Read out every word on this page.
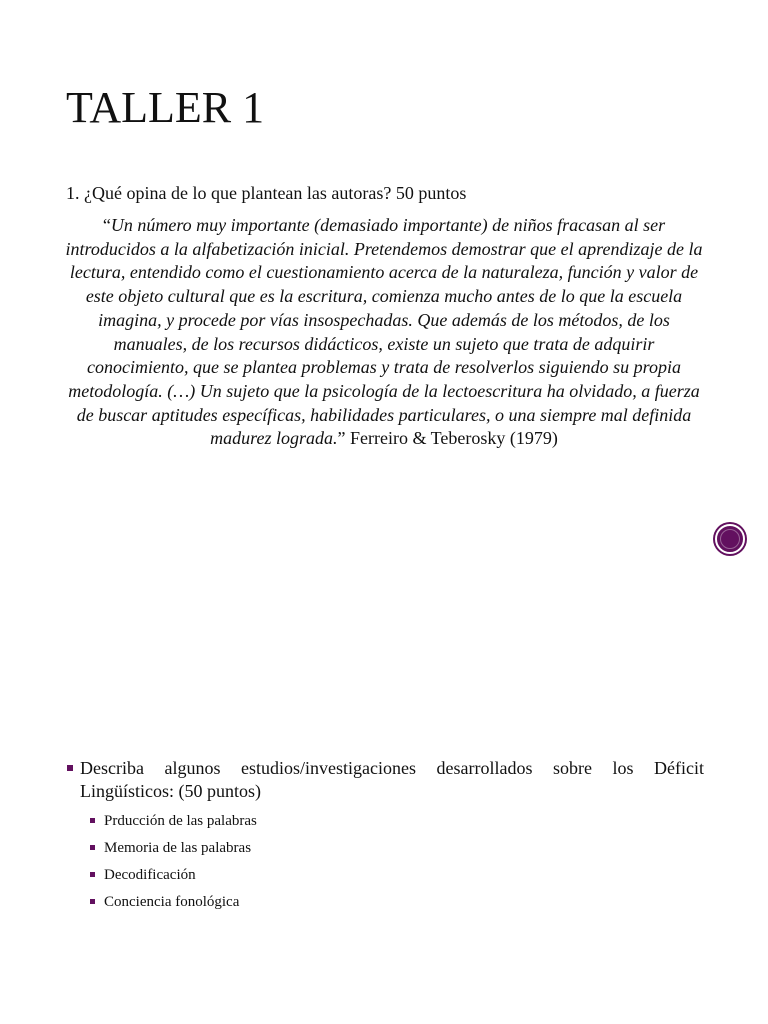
TALLER 1
1. ¿Qué opina de lo que plantean las autoras? 50 puntos
“Un número muy importante (demasiado importante) de niños fracasan al ser introducidos a la alfabetización inicial. Pretendemos demostrar que el aprendizaje de la lectura, entendido como el cuestionamiento acerca de la naturaleza, función y valor de este objeto cultural que es la escritura, comienza mucho antes de lo que la escuela imagina, y procede por vías insospechadas. Que además de los métodos, de los manuales, de los recursos didácticos, existe un sujeto que trata de adquirir conocimiento, que se plantea problemas y trata de resolverlos siguiendo su propia metodología. (…) Un sujeto que la psicología de la lectoescritura ha olvidado, a fuerza de buscar aptitudes específicas, habilidades particulares, o una siempre mal definida madurez lograda.” Ferreiro & Teberosky (1979)
Describa algunos estudios/investigaciones desarrollados sobre los Déficit Lingüísticos: (50 puntos)
Prducción de las palabras
Memoria de las palabras
Decodificación
Conciencia fonológica
